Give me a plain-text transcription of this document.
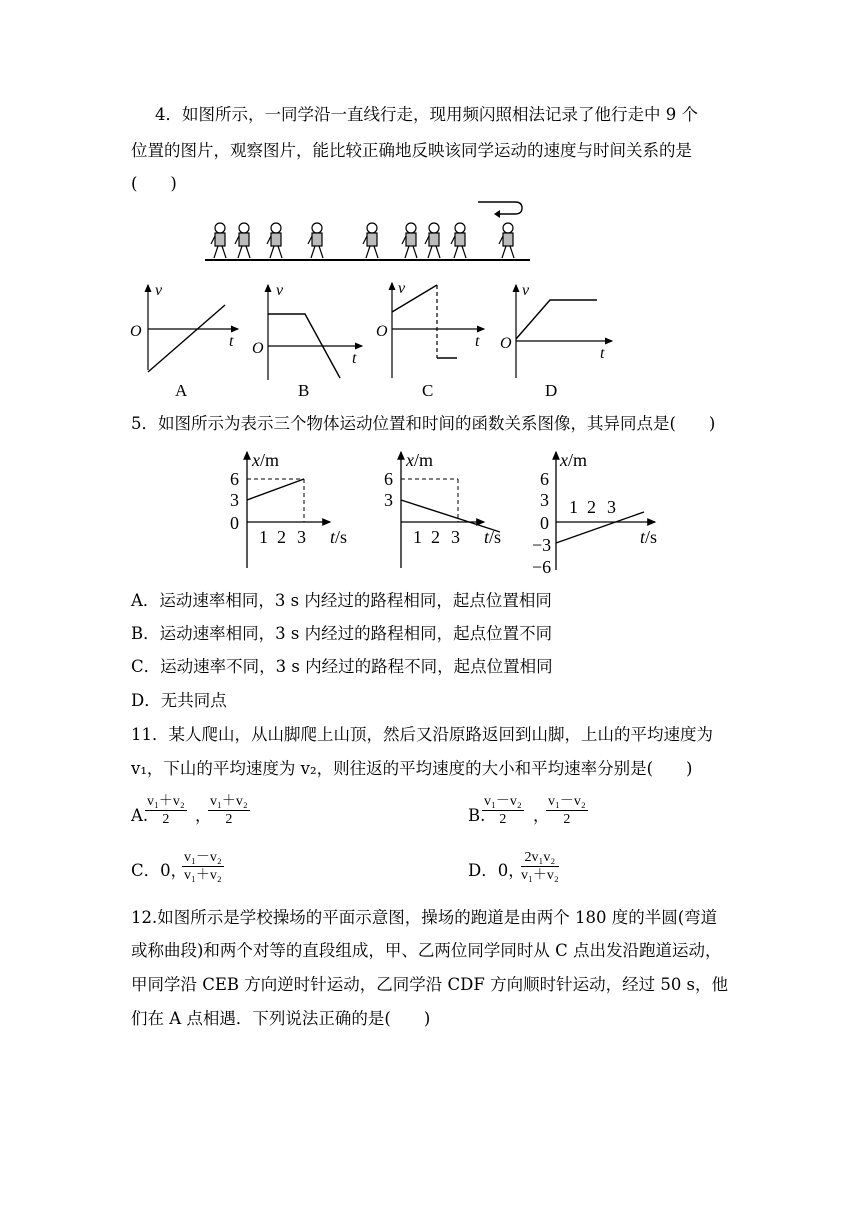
4．如图所示，一同学沿一直线行走，现用频闪照相法记录了他行走中 9 个
位置的图片，观察图片，能比较正确地反映该同学运动的速度与时间关系的是
(　　)
v
t
O
v
t
O
v
t
O
v
t
O
A	B	C	D
5．如图所示为表示三个物体运动位置和时间的函数关系图像，其异同点是(　　)
x/m
6
3
0
1 2 3 t/s
x/m
6
3
1 2 3 t/s
x/m
6
3
0
−3
−6
1 2 3
t/s
A．运动速率相同，3 s 内经过的路程相同，起点位置相同
B．运动速率相同，3 s 内经过的路程相同，起点位置不同
C．运动速率不同，3 s 内经过的路程不同，起点位置相同
D．无共同点
11．某人爬山，从山脚爬上山顶，然后又沿原路返回到山脚，上山的平均速度为
v₁，下山的平均速度为 v₂，则往返的平均速度的大小和平均速率分别是(　　)
A.
$\frac{\text{v₁＋v₂}}{2}$ ，
$\frac{\text{v₁＋v₂}}{2}$	B.
$\frac{\text{v₁－v₂}}{2}$ ，
$\frac{\text{v₁－v₂}}{2}$
C．0，
$\frac{\text{v₁－v₂}}{\text{v₁＋v₂}}$	D．0，
$\frac{\text{2v₁v₂}}{\text{v₁＋v₂}}$
12.如图所示是学校操场的平面示意图，操场的跑道是由两个 180 度的半圆(弯道
或称曲段)和两个对等的直段组成，甲、乙两位同学同时从 C 点出发沿跑道运动，
甲同学沿 CEB 方向逆时针运动，乙同学沿 CDF 方向顺时针运动，经过 50 s，他
们在 A 点相遇．下列说法正确的是(　　)
